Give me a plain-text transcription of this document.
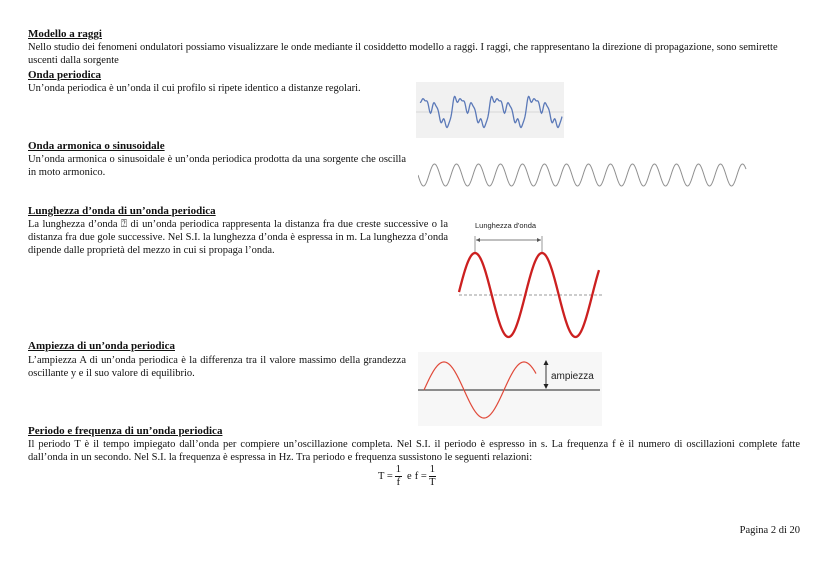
Modello a raggi

Nello studio dei fenomeni ondulatori possiamo visualizzare le onde mediante il cosiddetto modello a raggi. I raggi, che rappresentano la direzione di propagazione, sono semirette uscenti dalla sorgente

Onda periodica

Un’onda periodica è un’onda il cui profilo si ripete identico a distanze regolari.

Onda armonica o sinusoidale

Un’onda armonica o sinusoidale è un’onda periodica prodotta da una sorgente che oscilla in moto armonico.

Lunghezza d’onda di un’onda periodica

La lunghezza d’onda ⍰ di un’onda periodica rappresenta la distanza fra due creste successive o la distanza fra due gole successive. Nel S.I. la lunghezza d’onda è espressa in m. La lunghezza d’onda dipende dalle proprietà del mezzo in cui si propaga l’onda.

Lunghezza d'onda
Ampiezza di un’onda periodica

L’ampiezza A di un’onda periodica è la differenza tra il valore massimo della grandezza oscillante y e il suo valore di equilibrio.	ampiezza
Periodo e frequenza di un’onda periodica

Il periodo T è il tempo impiegato dall’onda per compiere un’oscillazione completa. Nel S.I. il periodo è espresso in s. La frequenza f è il numero di oscillazioni complete fatte dall’onda in un secondo. Nel S.I. la frequenza è espressa in Hz. Tra periodo e frequenza sussistono le seguenti relazioni:

$T = \frac{1}{f}$ e $f = \frac{1}{T}$
Pagina 2 di 20
